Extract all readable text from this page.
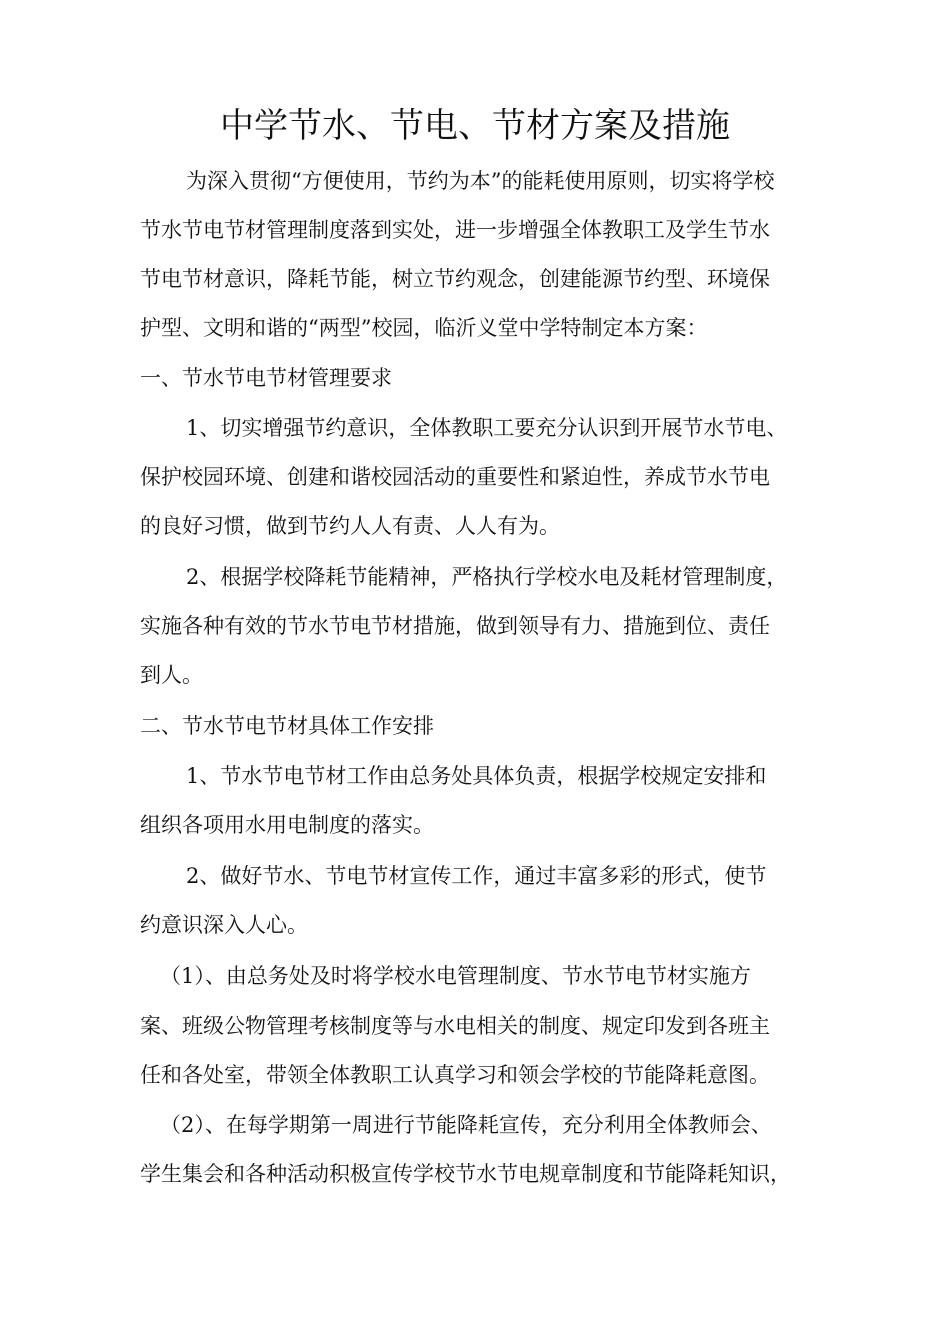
中学节水、节电、节材方案及措施
为深入贯彻“方便使用，节约为本”的能耗使用原则，切实将学校
节水节电节材管理制度落到实处，进一步增强全体教职工及学生节水
节电节材意识，降耗节能，树立节约观念，创建能源节约型、环境保
护型、文明和谐的“两型”校园，临沂义堂中学特制定本方案：
一、节水节电节材管理要求
1、切实增强节约意识，全体教职工要充分认识到开展节水节电、
保护校园环境、创建和谐校园活动的重要性和紧迫性，养成节水节电
的良好习惯，做到节约人人有责、人人有为。
2、根据学校降耗节能精神，严格执行学校水电及耗材管理制度，
实施各种有效的节水节电节材措施，做到领导有力、措施到位、责任
到人。
二、节水节电节材具体工作安排
1、节水节电节材工作由总务处具体负责，根据学校规定安排和
组织各项用水用电制度的落实。
2、做好节水、节电节材宣传工作，通过丰富多彩的形式，使节
约意识深入人心。
（1）、由总务处及时将学校水电管理制度、节水节电节材实施方
案、班级公物管理考核制度等与水电相关的制度、规定印发到各班主
任和各处室，带领全体教职工认真学习和领会学校的节能降耗意图。
（2）、在每学期第一周进行节能降耗宣传，充分利用全体教师会、
学生集会和各种活动积极宣传学校节水节电规章制度和节能降耗知识，
